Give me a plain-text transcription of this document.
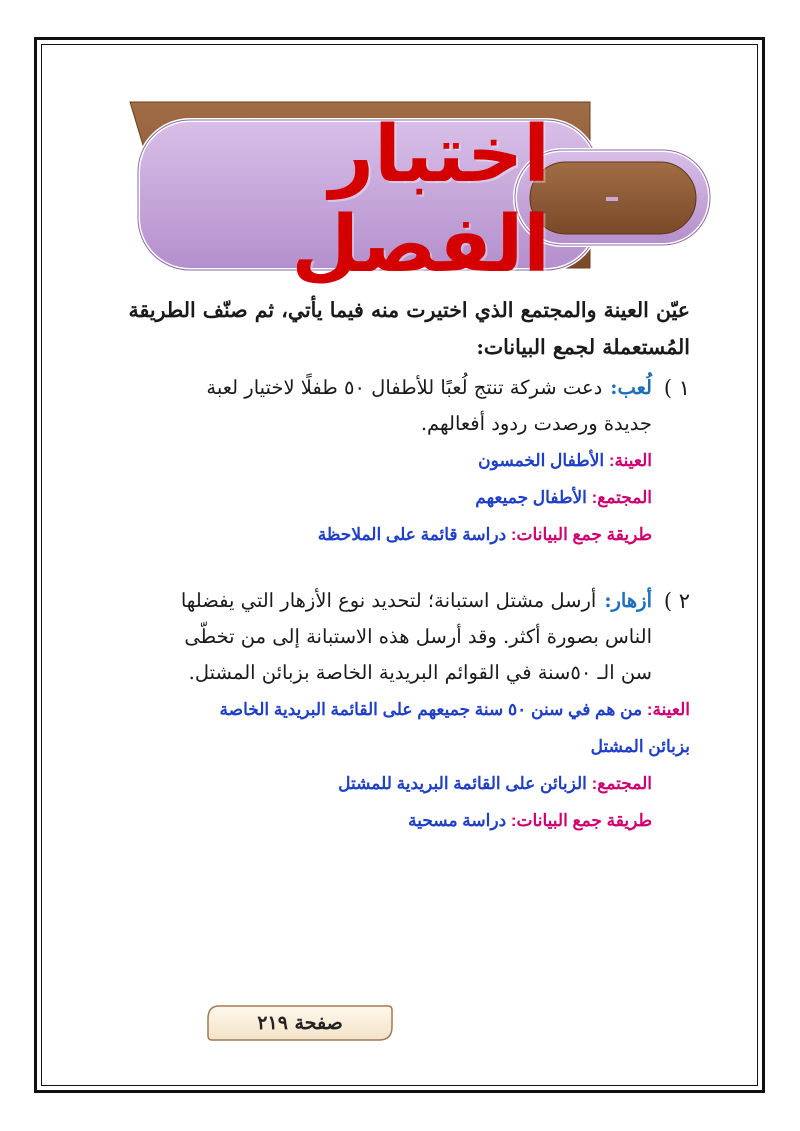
اختبار الفصل

عيّن العينة والمجتمع الذي اختيرت منه فيما يأتي، ثم صنّف الطريقة

المُستعملة لجمع البيانات:

١ )
لُعب:دعت شركة تنتج لُعبًا للأطفال ٥٠ طفلًا لاختيار لعبة
جديدة ورصدت ردود أفعالهم.
العينة: الأطفال الخمسون
المجتمع: الأطفال جميعهم
طريقة جمع البيانات: دراسة قائمة على الملاحظة
٢ )
أزهار:أرسل مشتل استبانة؛ لتحديد نوع الأزهار التي يفضلها
الناس بصورة أكثر. وقد أرسل هذه الاستبانة إلى من تخطّى
سن الـ ٥٠سنة في القوائم البريدية الخاصة بزبائن المشتل.
العينة: من هم في سنن ٥٠ سنة جميعهم على القائمة البريدية الخاصة
بزبائن المشتل
المجتمع: الزبائن على القائمة البريدية للمشتل
طريقة جمع البيانات: دراسة مسحية
صفحة ٢١٩
